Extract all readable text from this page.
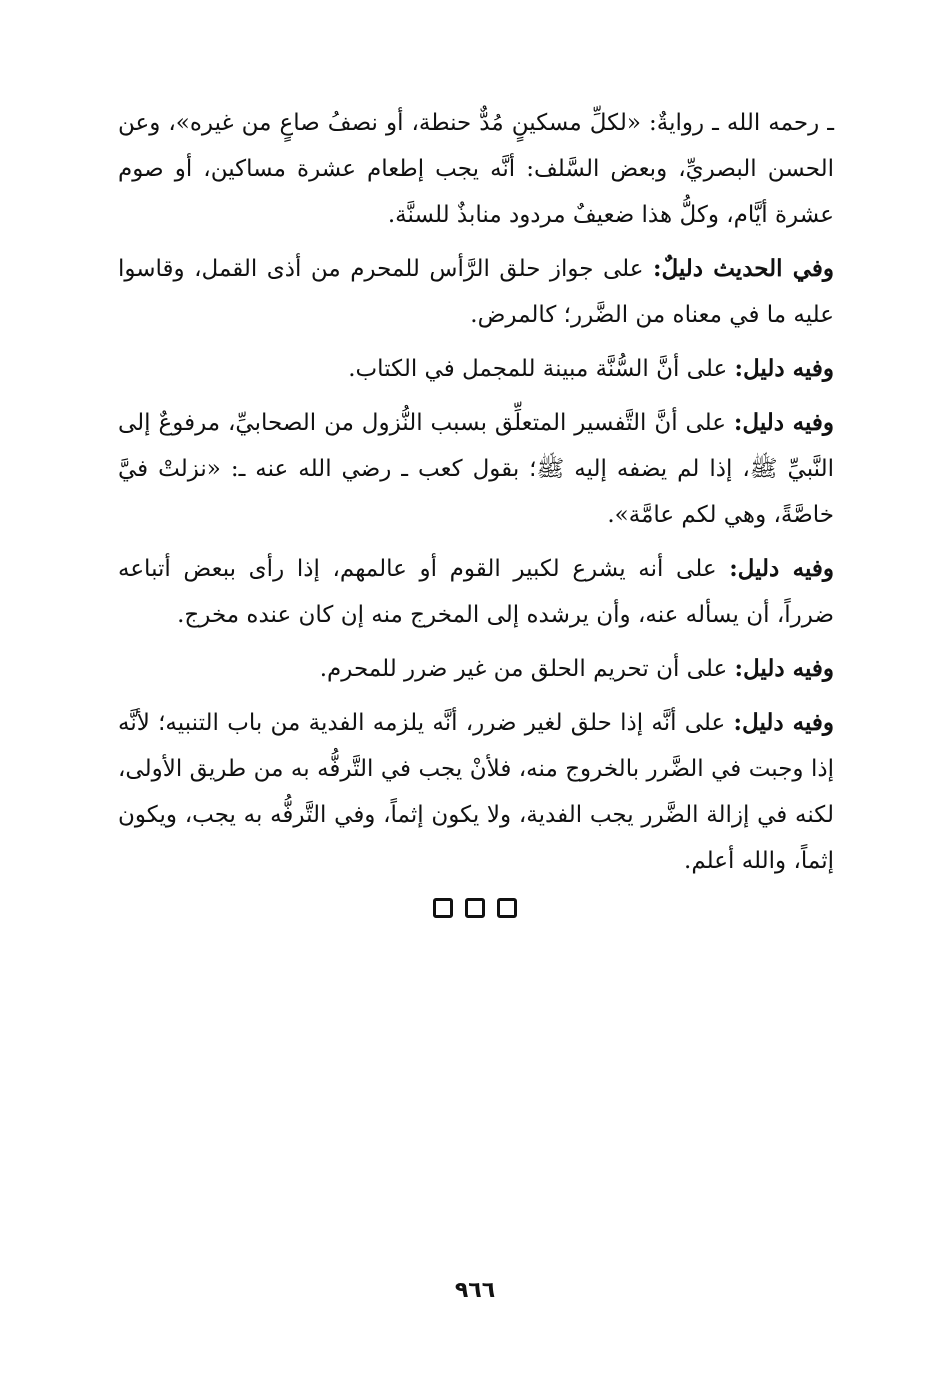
ـ رحمه الله ـ روايةٌ: «لكلِّ مسكينٍ مُدٌّ حنطة، أو نصفُ صاعٍ من غيره»، وعن الحسن البصريِّ، وبعض السَّلف: أنَّه يجب إطعام عشرة مساكين، أو صوم عشرة أيَّام، وكلُّ هذا ضعيفٌ مردود منابذٌ للسنَّة.

وفي الحديث دليلٌ: على جواز حلق الرَّأس للمحرم من أذى القمل، وقاسوا عليه ما في معناه من الضَّرر؛ كالمرض.

وفيه دليل: على أنَّ السُّنَّة مبينة للمجمل في الكتاب.

وفيه دليل: على أنَّ التَّفسير المتعلِّق بسبب النُّزول من الصحابيِّ، مرفوعٌ إلى النَّبيِّ ﷺ، إذا لم يضفه إليه ﷺ؛ بقول كعب ـ رضي الله عنه ـ: «نزلتْ فيَّ خاصَّةً، وهي لكم عامَّة».

وفيه دليل: على أنه يشرع لكبير القوم أو عالمهم، إذا رأى ببعض أتباعه ضرراً، أن يسأله عنه، وأن يرشده إلى المخرج منه إن كان عنده مخرج.

وفيه دليل: على أن تحريم الحلق من غير ضرر للمحرم.

وفيه دليل: على أنَّه إذا حلق لغير ضرر، أنَّه يلزمه الفدية من باب التنبيه؛ لأنَّه إذا وجبت في الضَّرر بالخروج منه، فلأنْ يجب في التَّرفُّه به من طريق الأولى، لكنه في إزالة الضَّرر يجب الفدية، ولا يكون إثماً، وفي التَّرفُّه به يجب، ويكون إثماً، والله أعلم.

٩٦٦
